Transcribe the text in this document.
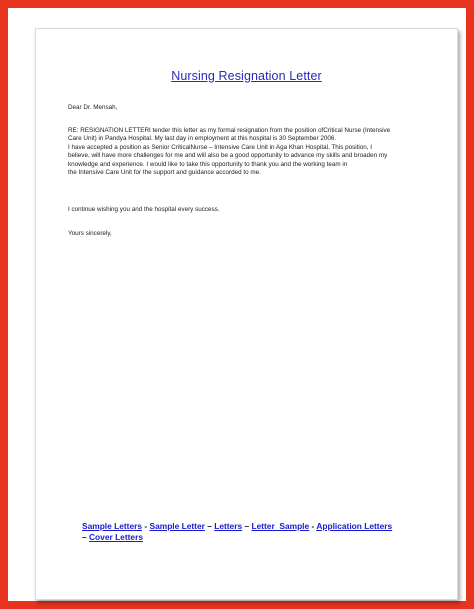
Nursing Resignation Letter

Dear Dr. Mensah,

RE: RESIGNATION LETTERI tender this letter as my formal resignation from the position ofCritical Nurse (Intensive

Care Unit) in Pandya Hospital. My last day in employment at this hospital is 30 September 2006.

I have accepted a position as Senior CriticalNurse – Intensive Care Unit in Aga Khan Hospital. This position, I

believe, will have more challenges for me and will also be a good opportunity to advance my skills and broaden my

knowledge and experience. I would like to take this opportunity to thank you and the working team in

the Intensive Care Unit for the support and guidance accorded to me.

I continue wishing you and the hospital every success.

Yours sincerely,

Sample Letters - Sample Letter – Letters – Letter  Sample - Application Letters
– Cover Letters
